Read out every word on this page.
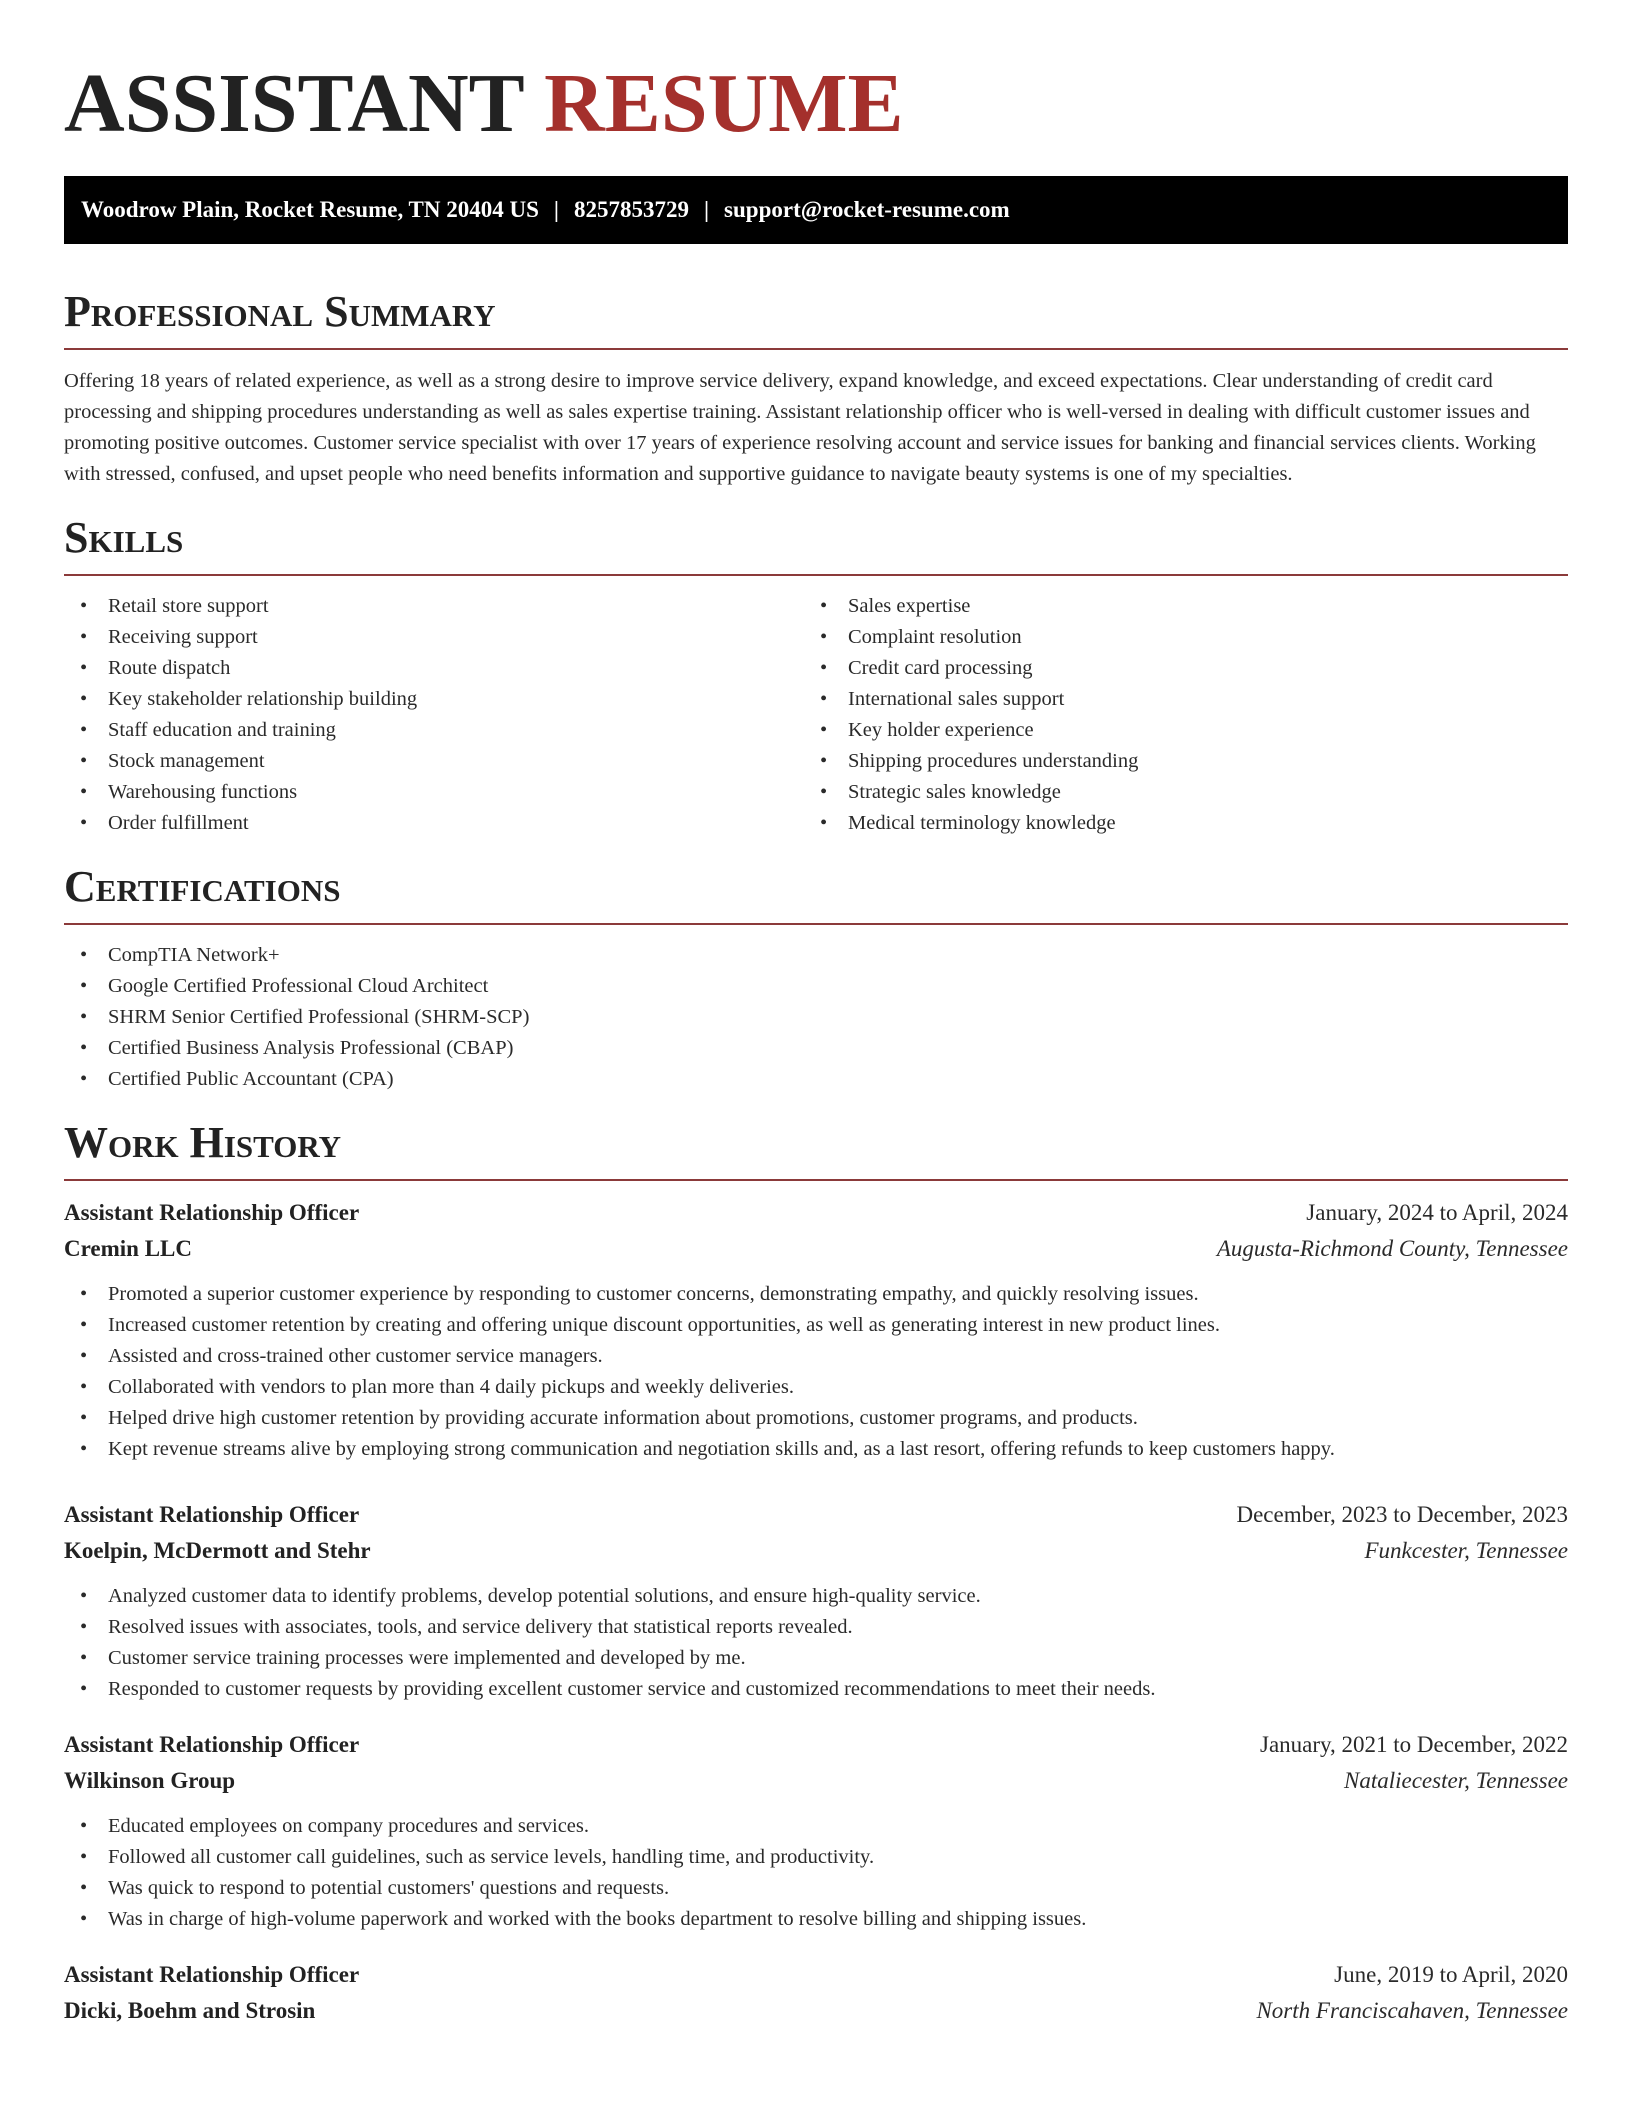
ASSISTANT RESUME
Woodrow Plain, Rocket Resume, TN 20404 US | 8257853729 | support@rocket-resume.com
Professional Summary

Offering 18 years of related experience, as well as a strong desire to improve service delivery, expand knowledge, and exceed expectations. Clear understanding of credit card processing and shipping procedures understanding as well as sales expertise training. Assistant relationship officer who is well-versed in dealing with difficult customer issues and promoting positive outcomes. Customer service specialist with over 17 years of experience resolving account and service issues for banking and financial services clients. Working with stressed, confused, and upset people who need benefits information and supportive guidance to navigate beauty systems is one of my specialties.

Skills
• Retail store support
• Receiving support
• Route dispatch
• Key stakeholder relationship building
• Staff education and training
• Stock management
• Warehousing functions
• Order fulfillment
• Sales expertise
• Complaint resolution
• Credit card processing
• International sales support
• Key holder experience
• Shipping procedures understanding
• Strategic sales knowledge
• Medical terminology knowledge
Certifications
• CompTIA Network+
• Google Certified Professional Cloud Architect
• SHRM Senior Certified Professional (SHRM-SCP)
• Certified Business Analysis Professional (CBAP)
• Certified Public Accountant (CPA)
Work History
Assistant Relationship Officer	January, 2024 to April, 2024
Cremin LLC	Augusta-Richmond County, Tennessee
• Promoted a superior customer experience by responding to customer concerns, demonstrating empathy, and quickly resolving issues.
• Increased customer retention by creating and offering unique discount opportunities, as well as generating interest in new product lines.
• Assisted and cross-trained other customer service managers.
• Collaborated with vendors to plan more than 4 daily pickups and weekly deliveries.
• Helped drive high customer retention by providing accurate information about promotions, customer programs, and products.
• Kept revenue streams alive by employing strong communication and negotiation skills and, as a last resort, offering refunds to keep customers happy.
Assistant Relationship Officer	December, 2023 to December, 2023
Koelpin, McDermott and Stehr	Funkcester, Tennessee
• Analyzed customer data to identify problems, develop potential solutions, and ensure high-quality service.
• Resolved issues with associates, tools, and service delivery that statistical reports revealed.
• Customer service training processes were implemented and developed by me.
• Responded to customer requests by providing excellent customer service and customized recommendations to meet their needs.
Assistant Relationship Officer	January, 2021 to December, 2022
Wilkinson Group	Nataliecester, Tennessee
• Educated employees on company procedures and services.
• Followed all customer call guidelines, such as service levels, handling time, and productivity.
• Was quick to respond to potential customers' questions and requests.
• Was in charge of high-volume paperwork and worked with the books department to resolve billing and shipping issues.
Assistant Relationship Officer	June, 2019 to April, 2020
Dicki, Boehm and Strosin	North Franciscahaven, Tennessee
